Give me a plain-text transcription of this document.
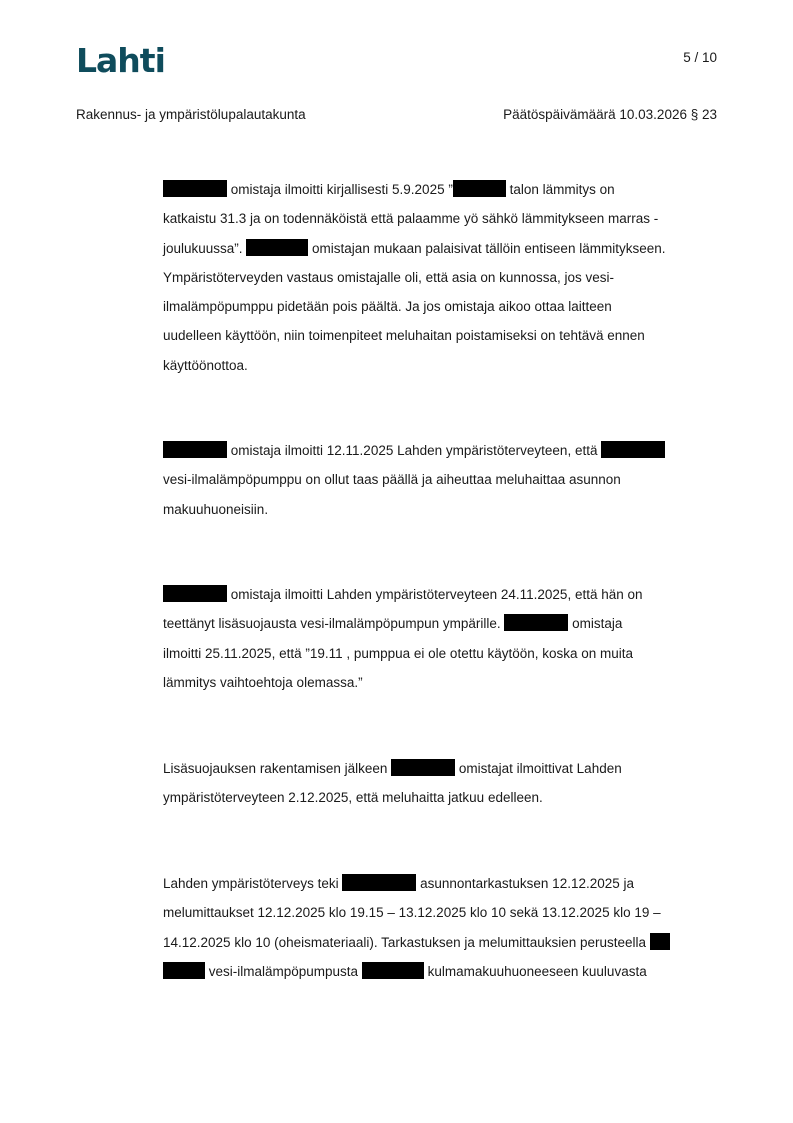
Lahti	5 / 10
Rakennus- ja ympäristölupalautakunta	Päätöspäivämäärä 10.03.2026 § 23
omistaja ilmoitti kirjallisesti 5.9.2025 ”	talon lämmitys on
katkaistu 31.3 ja on todennäköistä että palaamme yö sähkö lämmitykseen marras -
joulukuussa”.	omistajan mukaan palaisivat tällöin entiseen lämmitykseen.
Ympäristöterveyden vastaus omistajalle oli, että asia on kunnossa, jos vesi-
ilmalämpöpumppu pidetään pois päältä. Ja jos omistaja aikoo ottaa laitteen
uudelleen käyttöön, niin toimenpiteet meluhaitan poistamiseksi on tehtävä ennen
käyttöönottoa.
omistaja ilmoitti 12.11.2025 Lahden ympäristöterveyteen, että
vesi-ilmalämpöpumppu on ollut taas päällä ja aiheuttaa meluhaittaa asunnon
makuuhuoneisiin.
omistaja ilmoitti Lahden ympäristöterveyteen 24.11.2025, että hän on
teettänyt lisäsuojausta vesi-ilmalämpöpumpun ympärille.	omistaja
ilmoitti 25.11.2025, että ”19.11 , pumppua ei ole otettu käytöön, koska on muita
lämmitys vaihtoehtoja olemassa.”
Lisäsuojauksen rakentamisen jälkeen	omistajat ilmoittivat Lahden
ympäristöterveyteen 2.12.2025, että meluhaitta jatkuu edelleen.
Lahden ympäristöterveys teki	asunnontarkastuksen 12.12.2025 ja
melumittaukset 12.12.2025 klo 19.15 – 13.12.2025 klo 10 sekä 13.12.2025 klo 19 –
14.12.2025 klo 10 (oheismateriaali). Tarkastuksen ja melumittauksien perusteella
vesi-ilmalämpöpumpusta	kulmamakuuhuoneeseen kuuluvasta
